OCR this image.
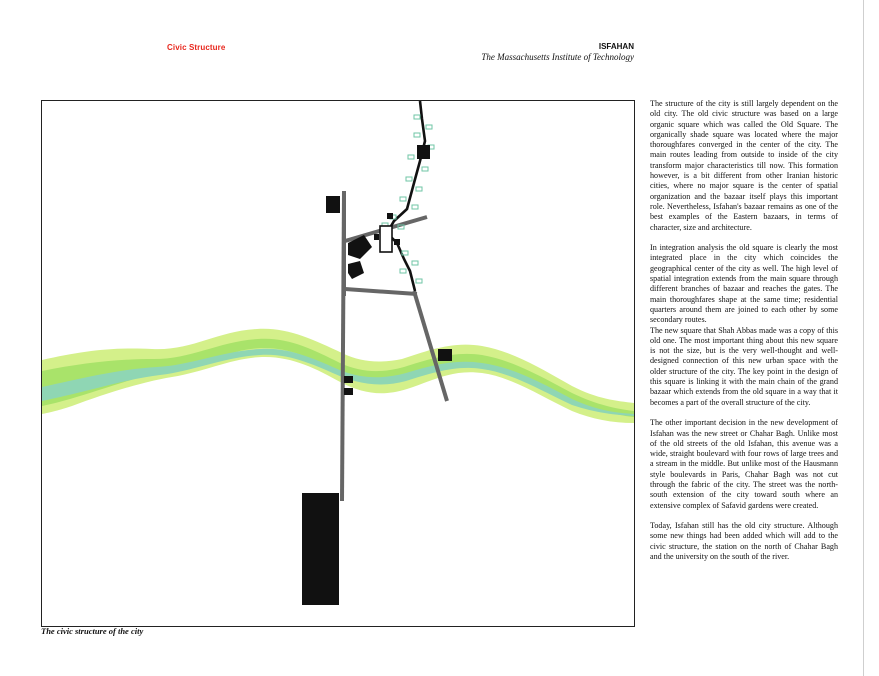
Civic Structure	ISFAHAN
The Massachusetts Institute of Technology
The civic structure of the city

The structure of the city is still largely dependent on the old city. The old civic structure was based on a large organic square which was called the Old Square. The organically shade square was located where the major thoroughfares converged in the center of the city. The main routes leading from outside to inside of the city transform major characteristics till now. This formation however, is a bit different from other Iranian historic cities, where no major square is the center of spatial organization and the bazaar itself plays this important role. Nevertheless, Isfahan's bazaar remains as one of the best examples of the Eastern bazaars, in terms of character, size and architecture.

In integration analysis the old square is clearly the most integrated place in the city which coincides the geographical center of the city as well. The high level of spatial integration extends from the main square through different branches of bazaar and reaches the gates. The main thoroughfares shape at the same time; residential quarters around them are joined to each other by some secondary routes.

The new square that Shah Abbas made was a copy of this old one. The most important thing about this new square is not the size, but is the very well-thought and well-designed connection of this new urban space with the older structure of the city. The key point in the design of this square is linking it with the main chain of the grand bazaar which extends from the old square in a way that it becomes a part of the overall structure of the city.

The other important decision in the new development of Isfahan was the new street or Chahar Bagh. Unlike most of the old streets of the old Isfahan, this avenue was a wide, straight boulevard with four rows of large trees and a stream in the middle. But unlike most of the Hausmann style boulevards in Paris, Chahar Bagh was not cut through the fabric of the city. The street was the north-south extension of the city toward south where an extensive complex of Safavid gardens were created.

Today, Isfahan still has the old city structure. Although some new things had been added which will add to the civic structure, the station on the north of Chahar Bagh and the university on the south of the river.
